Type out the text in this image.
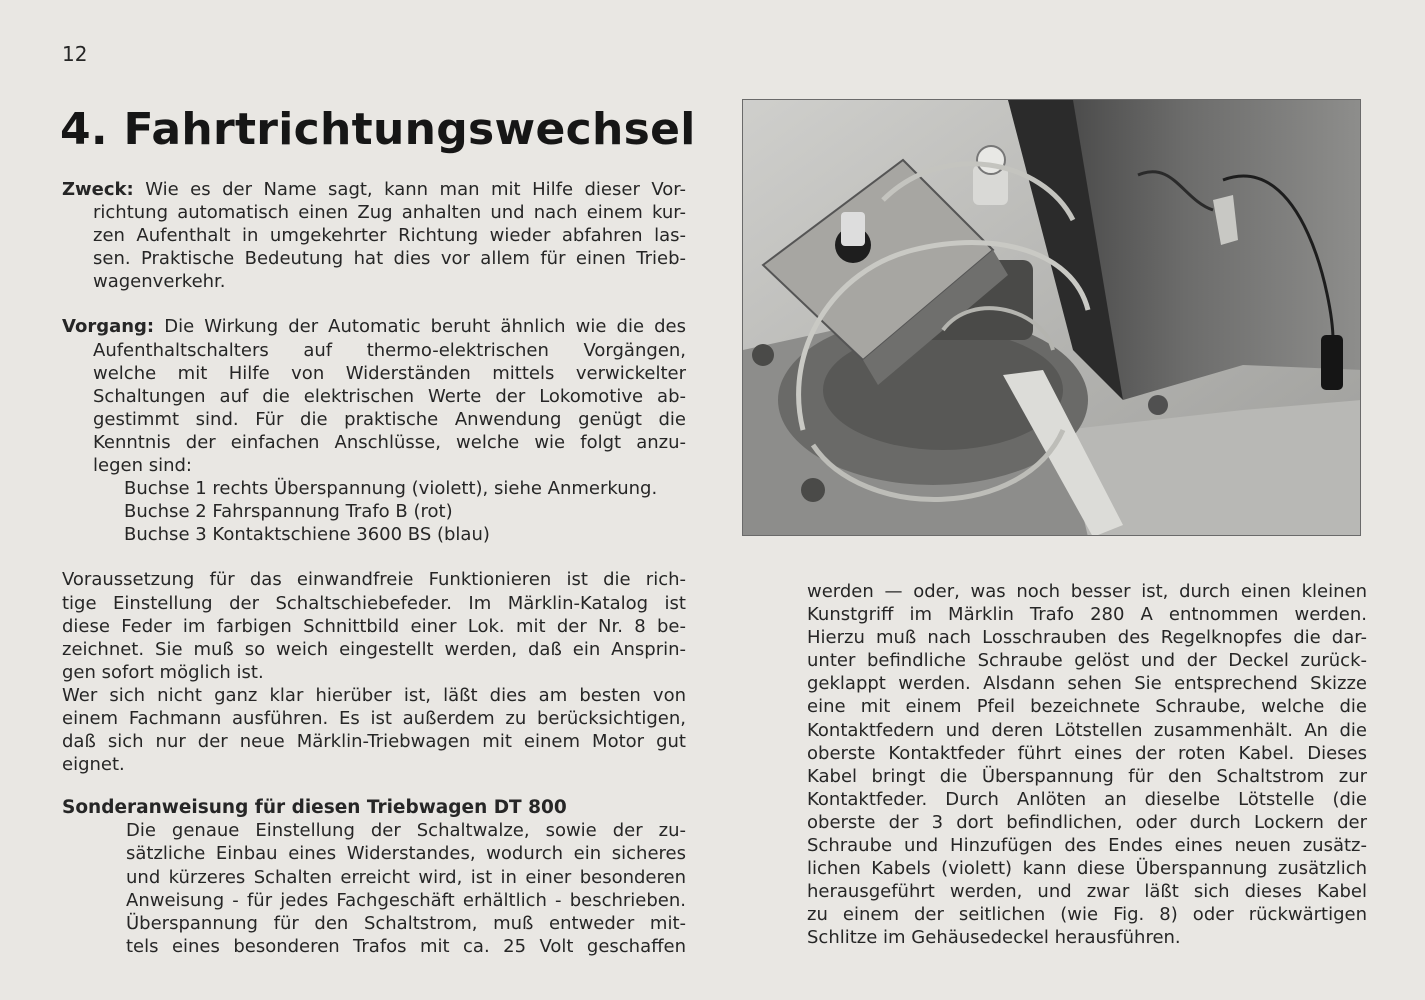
12
4. Fahrtrichtungswechsel

Zweck: Wie es der Name sagt, kann man mit Hilfe dieser Vor-

richtung automatisch einen Zug anhalten und nach einem kur-

zen Aufenthalt in umgekehrter Richtung wieder abfahren las-

sen. Praktische Bedeutung hat dies vor allem für einen Trieb-

wagenverkehr.

Vorgang: Die Wirkung der Automatic beruht ähnlich wie die des

Aufenthaltschalters auf thermo-elektrischen Vorgängen,

welche mit Hilfe von Widerständen mittels verwickelter

Schaltungen auf die elektrischen Werte der Lokomotive ab-

gestimmt sind. Für die praktische Anwendung genügt die

Kenntnis der einfachen Anschlüsse, welche wie folgt anzu-

legen sind:

Buchse 1 rechts Überspannung (violett), siehe Anmerkung.

Buchse 2 Fahrspannung Trafo B (rot)

Buchse 3 Kontaktschiene 3600 BS (blau)

Voraussetzung für das einwandfreie Funktionieren ist die rich-

tige Einstellung der Schaltschiebefeder. Im Märklin-Katalog ist

diese Feder im farbigen Schnittbild einer Lok. mit der Nr. 8 be-

zeichnet. Sie muß so weich eingestellt werden, daß ein Ansprin-

gen sofort möglich ist.

Wer sich nicht ganz klar hierüber ist, läßt dies am besten von

einem Fachmann ausführen. Es ist außerdem zu berücksichtigen,

daß sich nur der neue Märklin-Triebwagen mit einem Motor gut

eignet.

Sonderanweisung für diesen Triebwagen DT 800

Die genaue Einstellung der Schaltwalze, sowie der zu-

sätzliche Einbau eines Widerstandes, wodurch ein sicheres

und kürzeres Schalten erreicht wird, ist in einer besonderen

Anweisung - für jedes Fachgeschäft erhältlich - beschrieben.

Überspannung für den Schaltstrom, muß entweder mit-

tels eines besonderen Trafos mit ca. 25 Volt geschaffen

werden — oder, was noch besser ist, durch einen kleinen

Kunstgriff im Märklin Trafo 280 A entnommen werden.

Hierzu muß nach Losschrauben des Regelknopfes die dar-

unter befindliche Schraube gelöst und der Deckel zurück-

geklappt werden. Alsdann sehen Sie entsprechend Skizze

eine mit einem Pfeil bezeichnete Schraube, welche die

Kontaktfedern und deren Lötstellen zusammenhält. An die

oberste Kontaktfeder führt eines der roten Kabel. Dieses

Kabel bringt die Überspannung für den Schaltstrom zur

Kontaktfeder. Durch Anlöten an dieselbe Lötstelle (die

oberste der 3 dort befindlichen, oder durch Lockern der

Schraube und Hinzufügen des Endes eines neuen zusätz-

lichen Kabels (violett) kann diese Überspannung zusätzlich

herausgeführt werden, und zwar läßt sich dieses Kabel

zu einem der seitlichen (wie Fig. 8) oder rückwärtigen

Schlitze im Gehäusedeckel herausführen.
